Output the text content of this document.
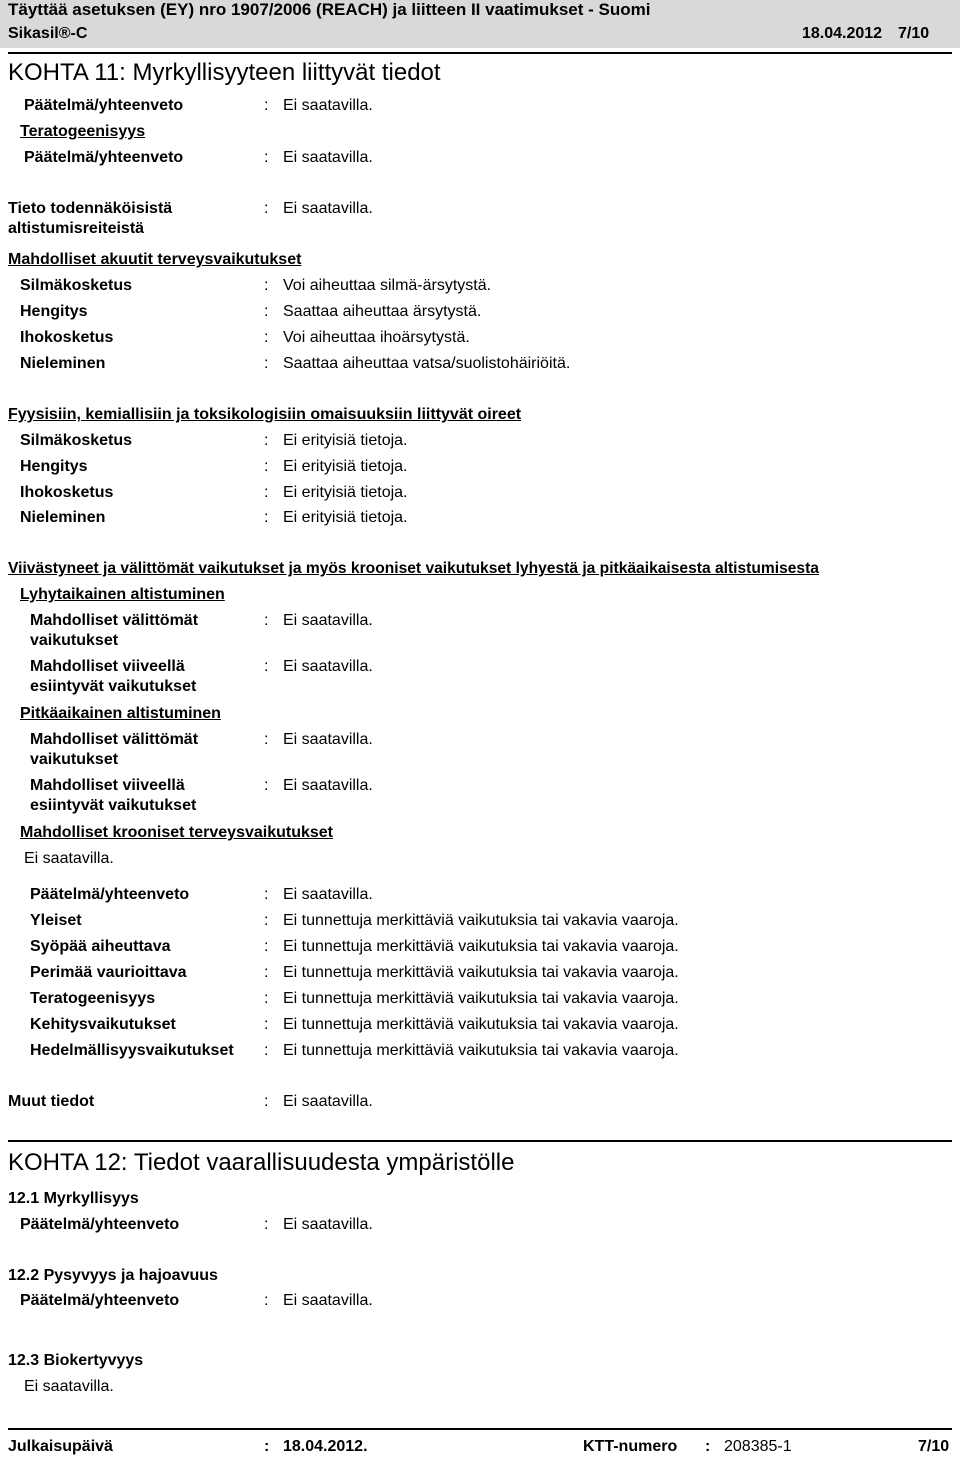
Täyttää asetuksen (EY) nro 1907/2006 (REACH) ja liitteen II vaatimukset - Suomi
Sikasil®-C	18.04.2012 7/10
KOHTA 11: Myrkyllisyyteen liittyvät tiedot
Päätelmä/yhteenveto	: Ei saatavilla.
Teratogeenisyys
Päätelmä/yhteenveto	: Ei saatavilla.
Tieto todennäköisistä
altistumisreiteistä
: Ei saatavilla.
Mahdolliset akuutit terveysvaikutukset
Silmäkosketus	: Voi aiheuttaa silmä-ärsytystä.
Hengitys	: Saattaa aiheuttaa ärsytystä.
Ihokosketus	: Voi aiheuttaa ihoärsytystä.
Nieleminen	: Saattaa aiheuttaa vatsa/suolistohäiriöitä.
Fyysisiin, kemiallisiin ja toksikologisiin omaisuuksiin liittyvät oireet
Silmäkosketus	: Ei erityisiä tietoja.
Hengitys	: Ei erityisiä tietoja.
Ihokosketus	: Ei erityisiä tietoja.
Nieleminen	: Ei erityisiä tietoja.
Viivästyneet ja välittömät vaikutukset ja myös krooniset vaikutukset lyhyestä ja pitkäaikaisesta altistumisesta
Lyhytaikainen altistuminen
Mahdolliset välittömät
vaikutukset
: Ei saatavilla.
Mahdolliset viiveellä
esiintyvät vaikutukset
: Ei saatavilla.
Pitkäaikainen altistuminen
Mahdolliset välittömät
vaikutukset
: Ei saatavilla.
Mahdolliset viiveellä
esiintyvät vaikutukset
: Ei saatavilla.
Mahdolliset krooniset terveysvaikutukset
Ei saatavilla.
Päätelmä/yhteenveto	: Ei saatavilla.
Yleiset	: Ei tunnettuja merkittäviä vaikutuksia tai vakavia vaaroja.
Syöpää aiheuttava	: Ei tunnettuja merkittäviä vaikutuksia tai vakavia vaaroja.
Perimää vaurioittava	: Ei tunnettuja merkittäviä vaikutuksia tai vakavia vaaroja.
Teratogeenisyys	: Ei tunnettuja merkittäviä vaikutuksia tai vakavia vaaroja.
Kehitysvaikutukset	: Ei tunnettuja merkittäviä vaikutuksia tai vakavia vaaroja.
Hedelmällisyysvaikutukset : Ei tunnettuja merkittäviä vaikutuksia tai vakavia vaaroja.
Muut tiedot	: Ei saatavilla.
KOHTA 12: Tiedot vaarallisuudesta ympäristölle
12.1 Myrkyllisyys
Päätelmä/yhteenveto	: Ei saatavilla.
12.2 Pysyvyys ja hajoavuus
Päätelmä/yhteenveto	: Ei saatavilla.
12.3 Biokertyvyys
Ei saatavilla.
Julkaisupäivä	: 18.04.2012.	KTT-numero : 208385-1	7/10
